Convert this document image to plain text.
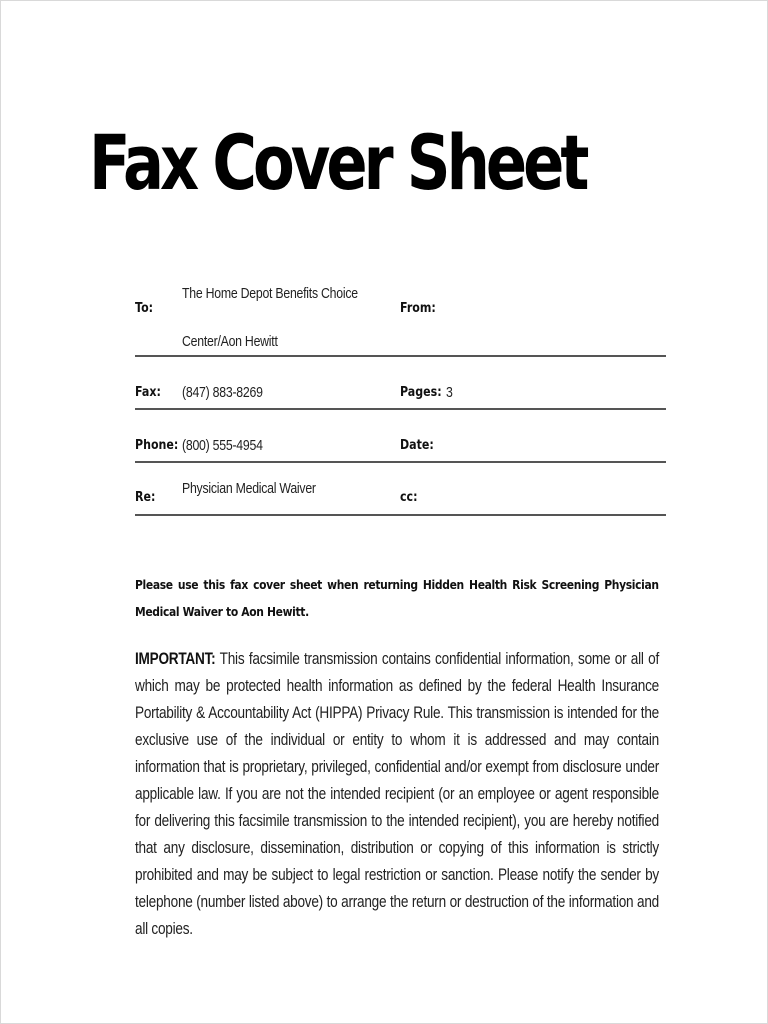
Fax Cover Sheet
To:
The Home Depot Benefits Choice
Center/Aon Hewitt
From:
Fax: (847) 883-8269	Pages: 3
Phone: (800) 555-4954	Date:
Re:
Physician Medical Waiver
cc:
Please use this fax cover sheet when returning Hidden Health Risk Screening Physician Medical Waiver to Aon Hewitt.
IMPORTANT: This facsimile transmission contains confidential information, some or all of which may be protected health information as defined by the federal Health Insurance Portability & Accountability Act (HIPPA) Privacy Rule. This transmission is intended for the exclusive use of the individual or entity to whom it is addressed and may contain information that is proprietary, privileged, confidential and/or exempt from disclosure under applicable law. If you are not the intended recipient (or an employee or agent responsible for delivering this facsimile transmission to the intended recipient), you are hereby notified that any disclosure, dissemination, distribution or copying of this information is strictly prohibited and may be subject to legal restriction or sanction. Please notify the sender by telephone (number listed above) to arrange the return or destruction of the information and all copies.
